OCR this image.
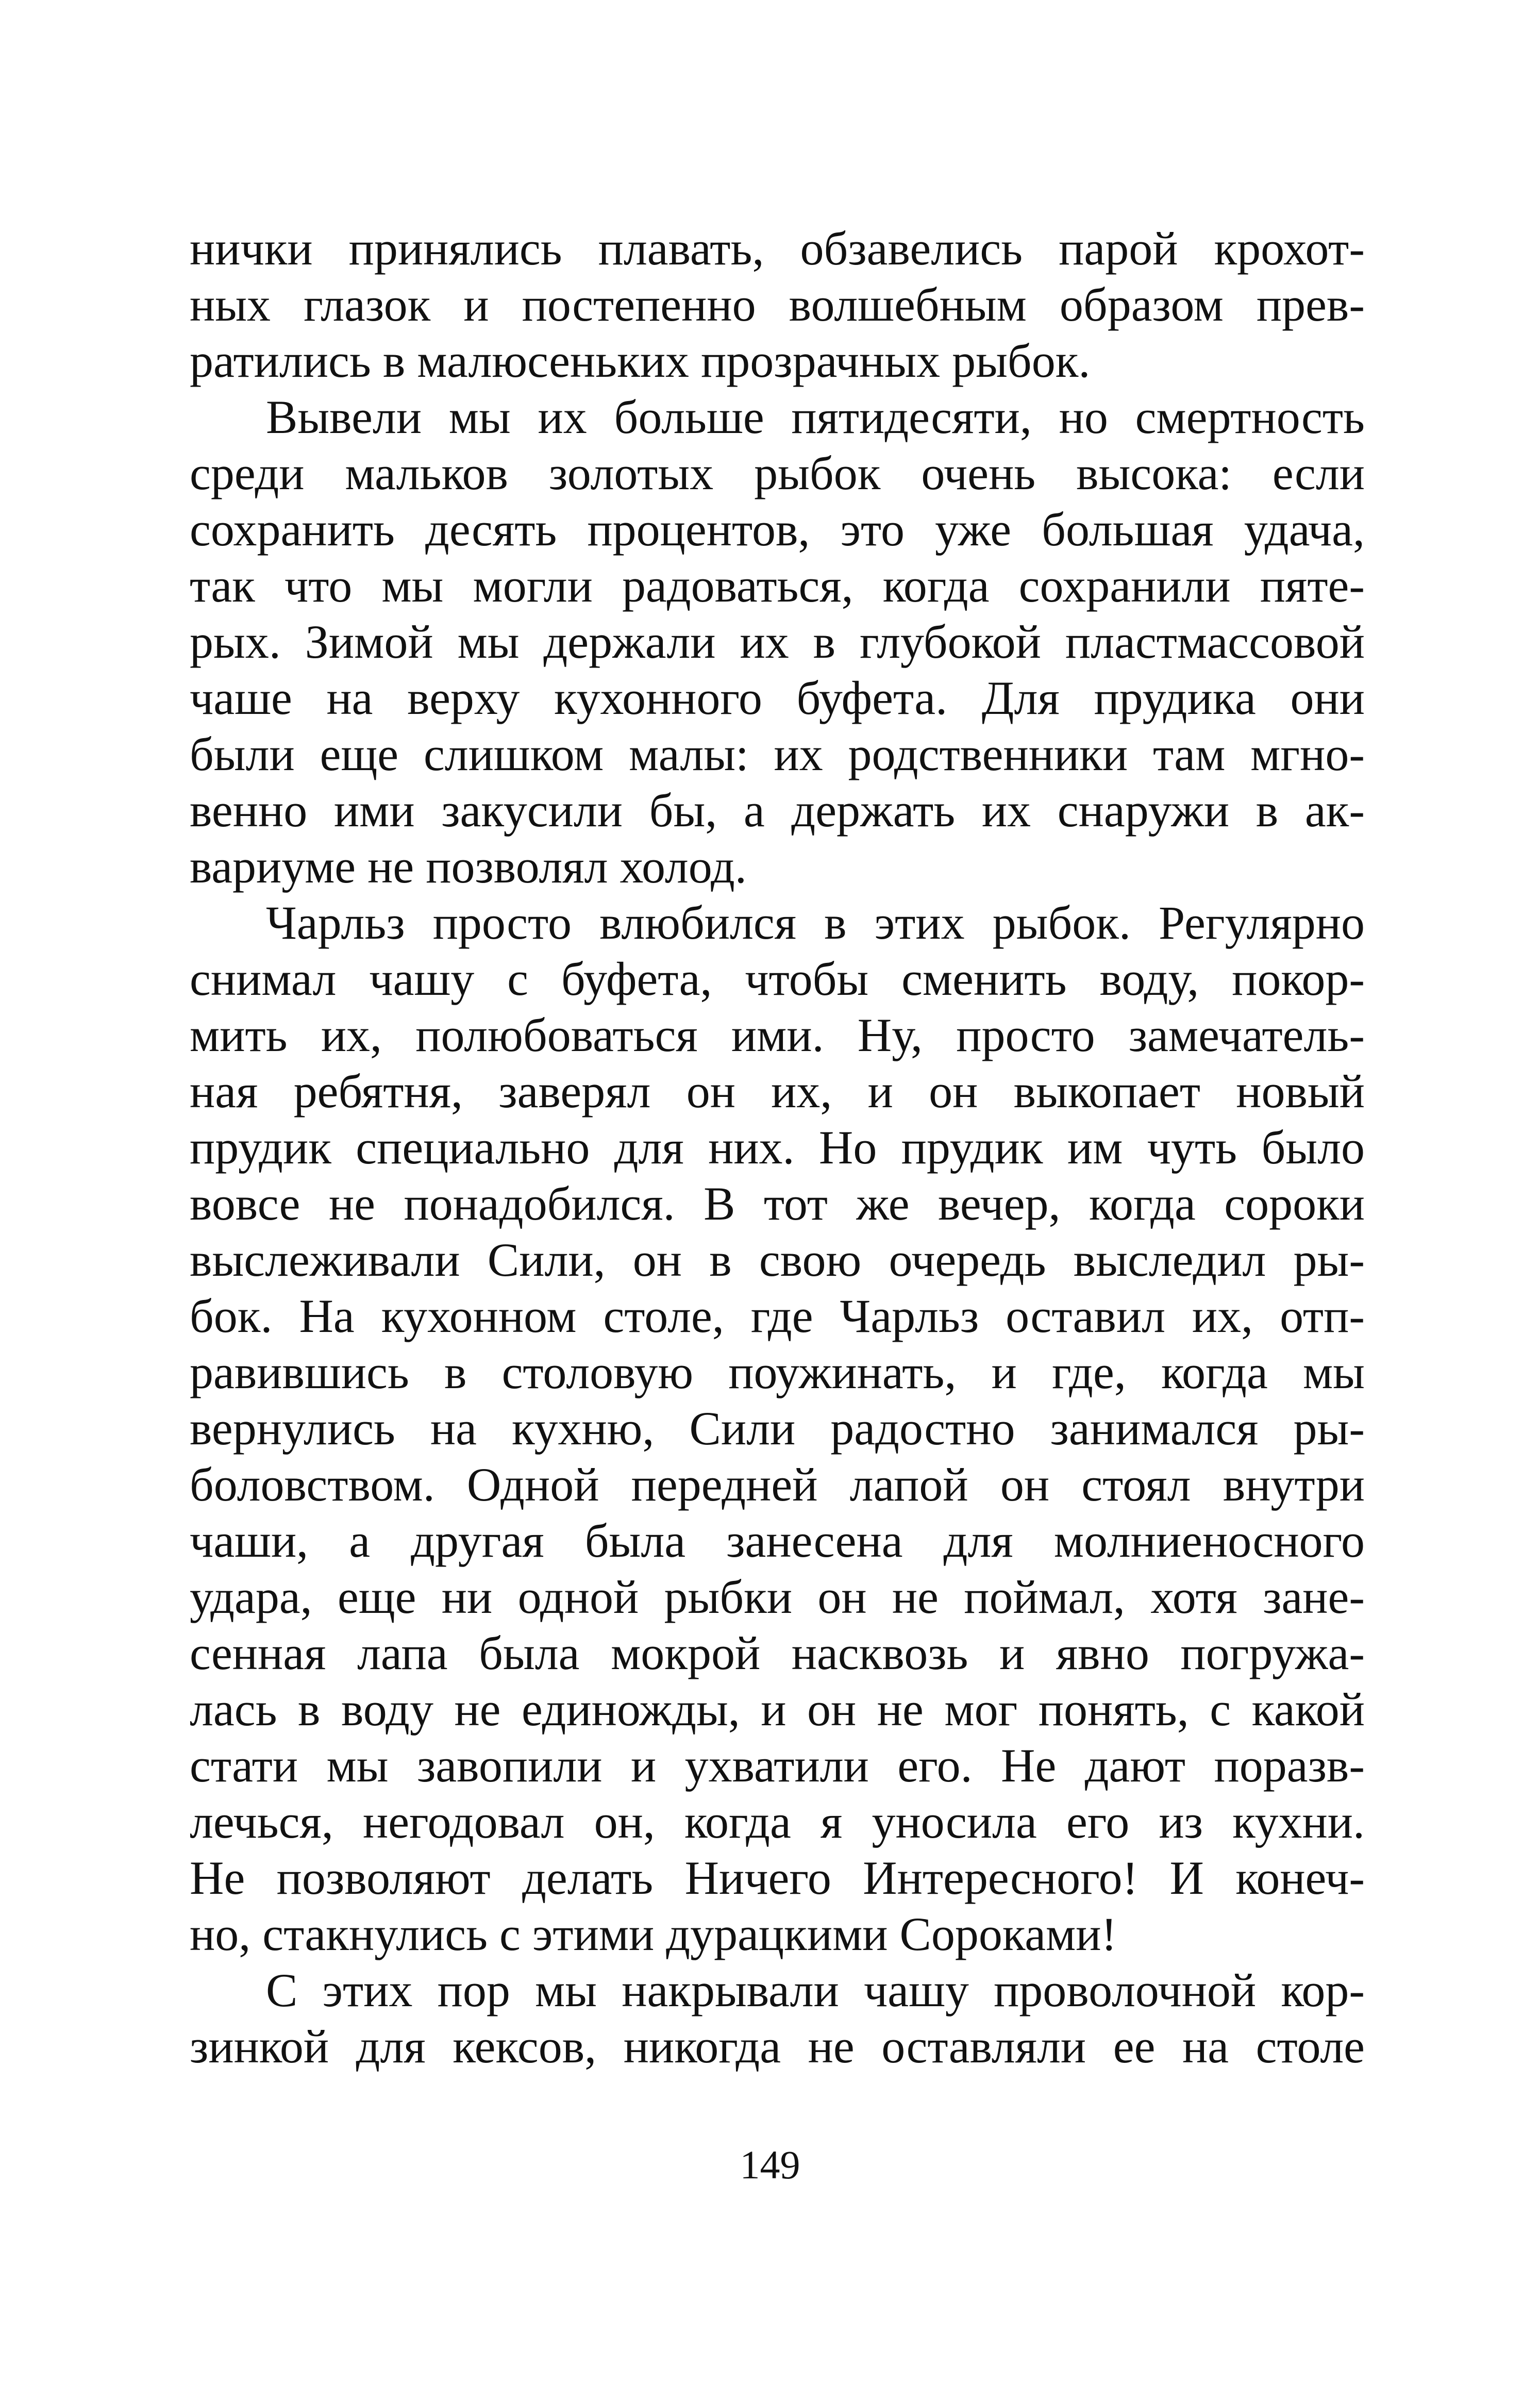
нички принялись плавать, обзавелись парой крохот-
ных глазок и постепенно волшебным образом прев-
ратились в малюсеньких прозрачных рыбок.
Вывели мы их больше пятидесяти, но смертность
среди мальков золотых рыбок очень высока: если
сохранить десять процентов, это уже большая удача,
так что мы могли радоваться, когда сохранили пяте-
рых. Зимой мы держали их в глубокой пластмассовой
чаше на верху кухонного буфета. Для прудика они
были еще слишком малы: их родственники там мгно-
венно ими закусили бы, а держать их снаружи в ак-
вариуме не позволял холод.
Чарльз просто влюбился в этих рыбок. Регулярно
снимал чашу с буфета, чтобы сменить воду, покор-
мить их, полюбоваться ими. Ну, просто замечатель-
ная ребятня, заверял он их, и он выкопает новый
прудик специально для них. Но прудик им чуть было
вовсе не понадобился. В тот же вечер, когда сороки
выслеживали Сили, он в свою очередь выследил ры-
бок. На кухонном столе, где Чарльз оставил их, отп-
равившись в столовую поужинать, и где, когда мы
вернулись на кухню, Сили радостно занимался ры-
боловством. Одной передней лапой он стоял внутри
чаши, а другая была занесена для молниеносного
удара, еще ни одной рыбки он не поймал, хотя зане-
сенная лапа была мокрой насквозь и явно погружа-
лась в воду не единожды, и он не мог понять, с какой
стати мы завопили и ухватили его. Не дают поразв-
лечься, негодовал он, когда я уносила его из кухни.
Не позволяют делать Ничего Интересного! И конеч-
но, стакнулись с этими дурацкими Сороками!
С этих пор мы накрывали чашу проволочной кор-
зинкой для кексов, никогда не оставляли ее на столе
149
